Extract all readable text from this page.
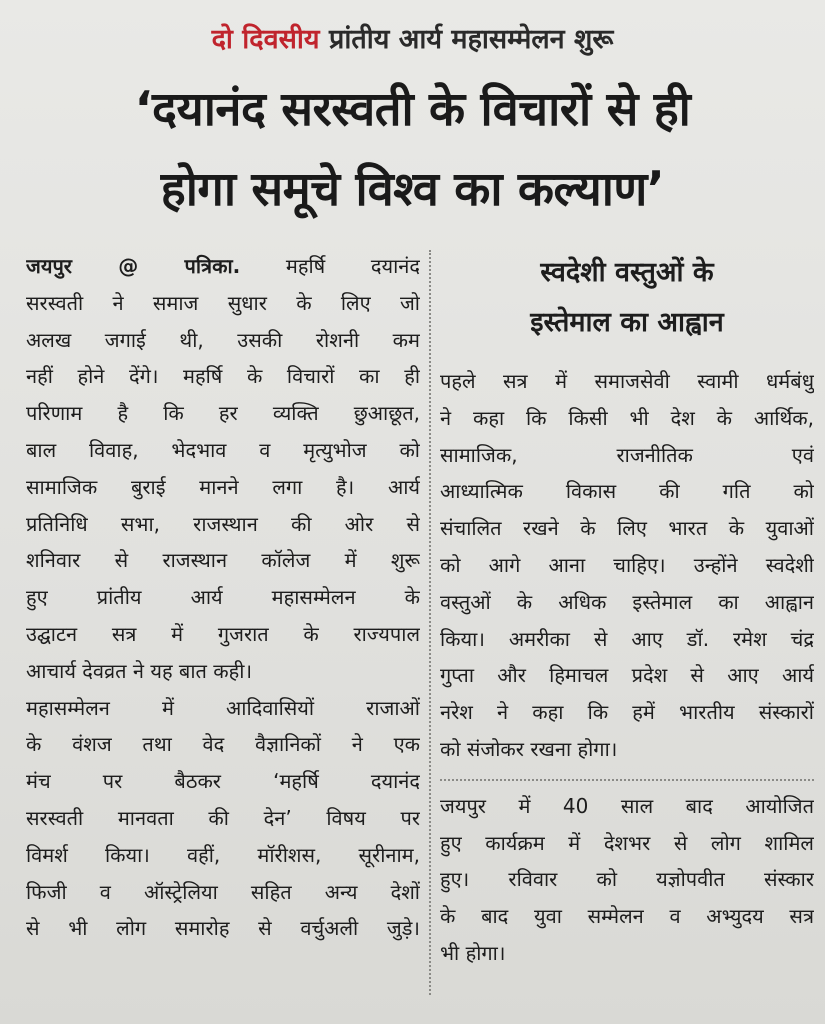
दो दिवसीय प्रांतीय आर्य महासम्मेलन शुरू
‘दयानंद सरस्वती के विचारों से ही
होगा समूचे विश्व का कल्याण’
जयपुर @ पत्रिका. महर्षि दयानंद
सरस्वती ने समाज सुधार के लिए जो
अलख जगाई थी, उसकी रोशनी कम
नहीं होने देंगे। महर्षि के विचारों का ही
परिणाम है कि हर व्यक्ति छुआछूत,
बाल विवाह, भेदभाव व मृत्युभोज को
सामाजिक बुराई मानने लगा है। आर्य
प्रतिनिधि सभा, राजस्थान की ओर से
शनिवार से राजस्थान कॉलेज में शुरू
हुए प्रांतीय आर्य महासम्मेलन के
उद्घाटन सत्र में गुजरात के राज्यपाल
आचार्य देवव्रत ने यह बात कही।
महासम्मेलन में आदिवासियों राजाओं
के वंशज तथा वेद वैज्ञानिकों ने एक
मंच पर बैठकर ‘महर्षि दयानंद
सरस्वती मानवता की देन’ विषय पर
विमर्श किया। वहीं, मॉरीशस, सूरीनाम,
फिजी व ऑस्ट्रेलिया सहित अन्य देशों
से भी लोग समारोह से वर्चुअली जुड़े।
स्वदेशी वस्तुओं के
इस्तेमाल का आह्वान
पहले सत्र में समाजसेवी स्वामी धर्मबंधु
ने कहा कि किसी भी देश के आर्थिक,
सामाजिक, राजनीतिक एवं
आध्यात्मिक विकास की गति को
संचालित रखने के लिए भारत के युवाओं
को आगे आना चाहिए। उन्होंने स्वदेशी
वस्तुओं के अधिक इस्तेमाल का आह्वान
किया। अमरीका से आए डॉ. रमेश चंद्र
गुप्ता और हिमाचल प्रदेश से आए आर्य
नरेश ने कहा कि हमें भारतीय संस्कारों
को संजोकर रखना होगा।
जयपुर में 40 साल बाद आयोजित
हुए कार्यक्रम में देशभर से लोग शामिल
हुए। रविवार को यज्ञोपवीत संस्कार
के बाद युवा सम्मेलन व अभ्युदय सत्र
भी होगा।
